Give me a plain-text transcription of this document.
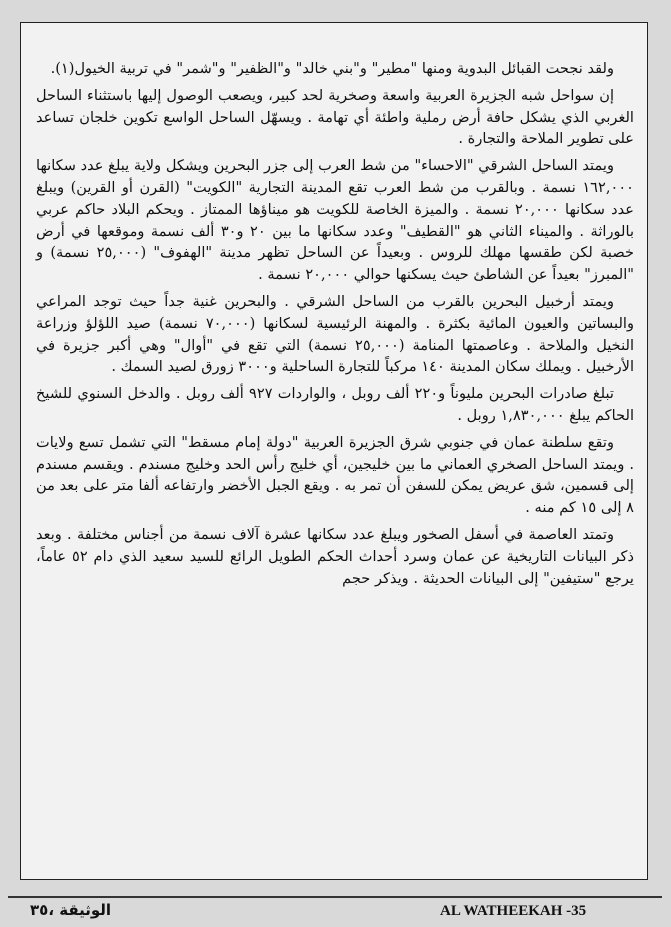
ولقد نجحت القبائل البدوية ومنها "مطير" و"بني خالد" و"الظفير" و"شمر" في تربية الخيول(١).

إن سواحل شبه الجزيرة العربية واسعة وصخرية لحد كبير، ويصعب الوصول إليها باستثناء الساحل الغربي الذي يشكل حافة أرض رملية واطئة أي تهامة . ويسهّل الساحل الواسع تكوين خلجان تساعد على تطوير الملاحة والتجارة .

ويمتد الساحل الشرقي "الاحساء" من شط العرب إلى جزر البحرين ويشكل ولاية يبلغ عدد سكانها ١٦٢,٠٠٠ نسمة . وبالقرب من شط العرب تقع المدينة التجارية "الكويت" (القرن أو القرين) ويبلغ عدد سكانها ٢٠,٠٠٠ نسمة . والميزة الخاصة للكويت هو ميناؤها الممتاز . ويحكم البلاد حاكم عربي بالوراثة . والميناء الثاني هو "القطيف" وعدد سكانها ما بين ٢٠ و٣٠ ألف نسمة وموقعها في أرض خصبة لكن طقسها مهلك للروس . وبعيداً عن الساحل تظهر مدينة "الهفوف" (٢٥,٠٠٠ نسمة) و "المبرز" بعيداً عن الشاطئ حيث يسكنها حوالي ٢٠,٠٠٠ نسمة .

ويمتد أرخبيل البحرين بالقرب من الساحل الشرقي . والبحرين غنية جداً حيث توجد المراعي والبساتين والعيون المائية بكثرة . والمهنة الرئيسية لسكانها (٧٠,٠٠٠ نسمة) صيد اللؤلؤ وزراعة النخيل والملاحة . وعاصمتها المنامة (٢٥,٠٠٠ نسمة) التي تقع في "أوال" وهي أكبر جزيرة في الأرخبيل . ويملك سكان المدينة ١٤٠ مركباً للتجارة الساحلية و٣٠٠٠ زورق لصيد السمك .

تبلغ صادرات البحرين مليوناً و٢٢٠ ألف روبل ، والواردات ٩٢٧ ألف روبل . والدخل السنوي للشيخ الحاكم يبلغ ١,٨٣٠,٠٠٠ روبل .

وتقع سلطنة عمان في جنوبي شرق الجزيرة العربية "دولة إمام مسقط" التي تشمل تسع ولايات . ويمتد الساحل الصخري العماني ما بين خليجين، أي خليج رأس الحد وخليج مسندم . ويقسم مسندم إلى قسمين، شق عريض يمكن للسفن أن تمر به . ويقع الجبل الأخضر وارتفاعه ألفا متر على بعد من ٨ إلى ١٥ كم منه .

وتمتد العاصمة في أسفل الصخور ويبلغ عدد سكانها عشرة آلاف نسمة من أجناس مختلفة . وبعد ذكر البيانات التاريخية عن عمان وسرد أحداث الحكم الطويل الرائع للسيد سعيد الذي دام ٥٢ عاماً، يرجع "ستيفين" إلى البيانات الحديثة . ويذكر حجم

AL WATHEEKAH -35
الوثيقة ،٣٥
